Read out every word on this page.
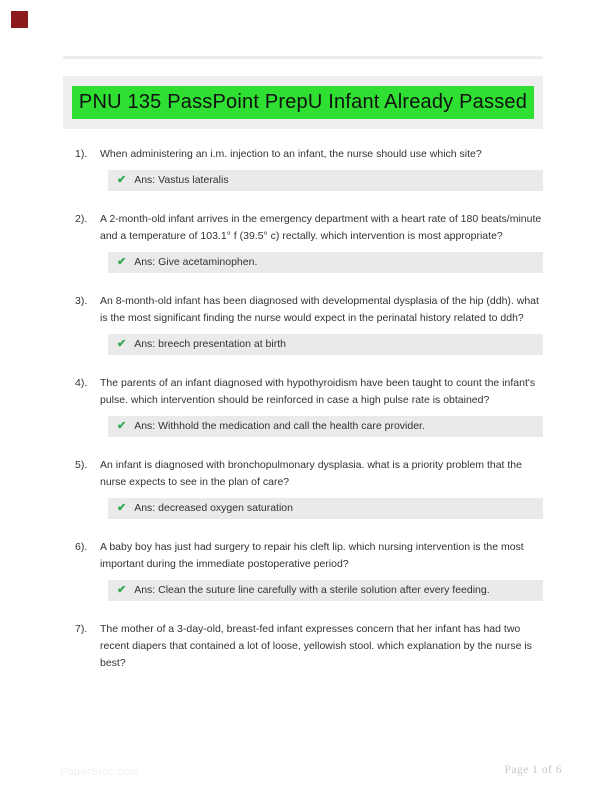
PNU 135 PassPoint PrepU Infant Already Passed
1).	When administering an i.m. injection to an infant, the nurse should use which site?

✔ Ans: Vastus lateralis
2).	A 2-month-old infant arrives in the emergency department with a heart rate of 180 beats/​minute and a temperature of 103.1° f (39.5° c) rectally. which intervention is most appropriate?

✔ Ans: Give acetaminophen.
3).	An 8-month-old infant has been diagnosed with developmental dysplasia of the hip (ddh). what is the most significant finding the nurse would expect in the perinatal history related to ddh?

✔ Ans: breech presentation at birth
4).	The parents of an infant diagnosed with hypothyroidism have been taught to count the infant's pulse. which intervention should be reinforced in case a high pulse rate is obtained?

✔ Ans: Withhold the medication and call the health care provider.
5).	An infant is diagnosed with bronchopulmonary dysplasia. what is a priority problem that the nurse expects to see in the plan of care?

✔ Ans: decreased oxygen saturation
6).	A baby boy has just had surgery to repair his cleft lip. which nursing intervention is the most important during the immediate postoperative period?

✔ Ans: Clean the suture line carefully with a sterile solution after every feeding.
7).	The mother of a 3-day-old, breast-fed infant expresses concern that her infant has had two recent diapers that contained a lot of loose, yellowish stool. which explanation by the nurse is best?

PaperStoc.com	Page 1 of 6
